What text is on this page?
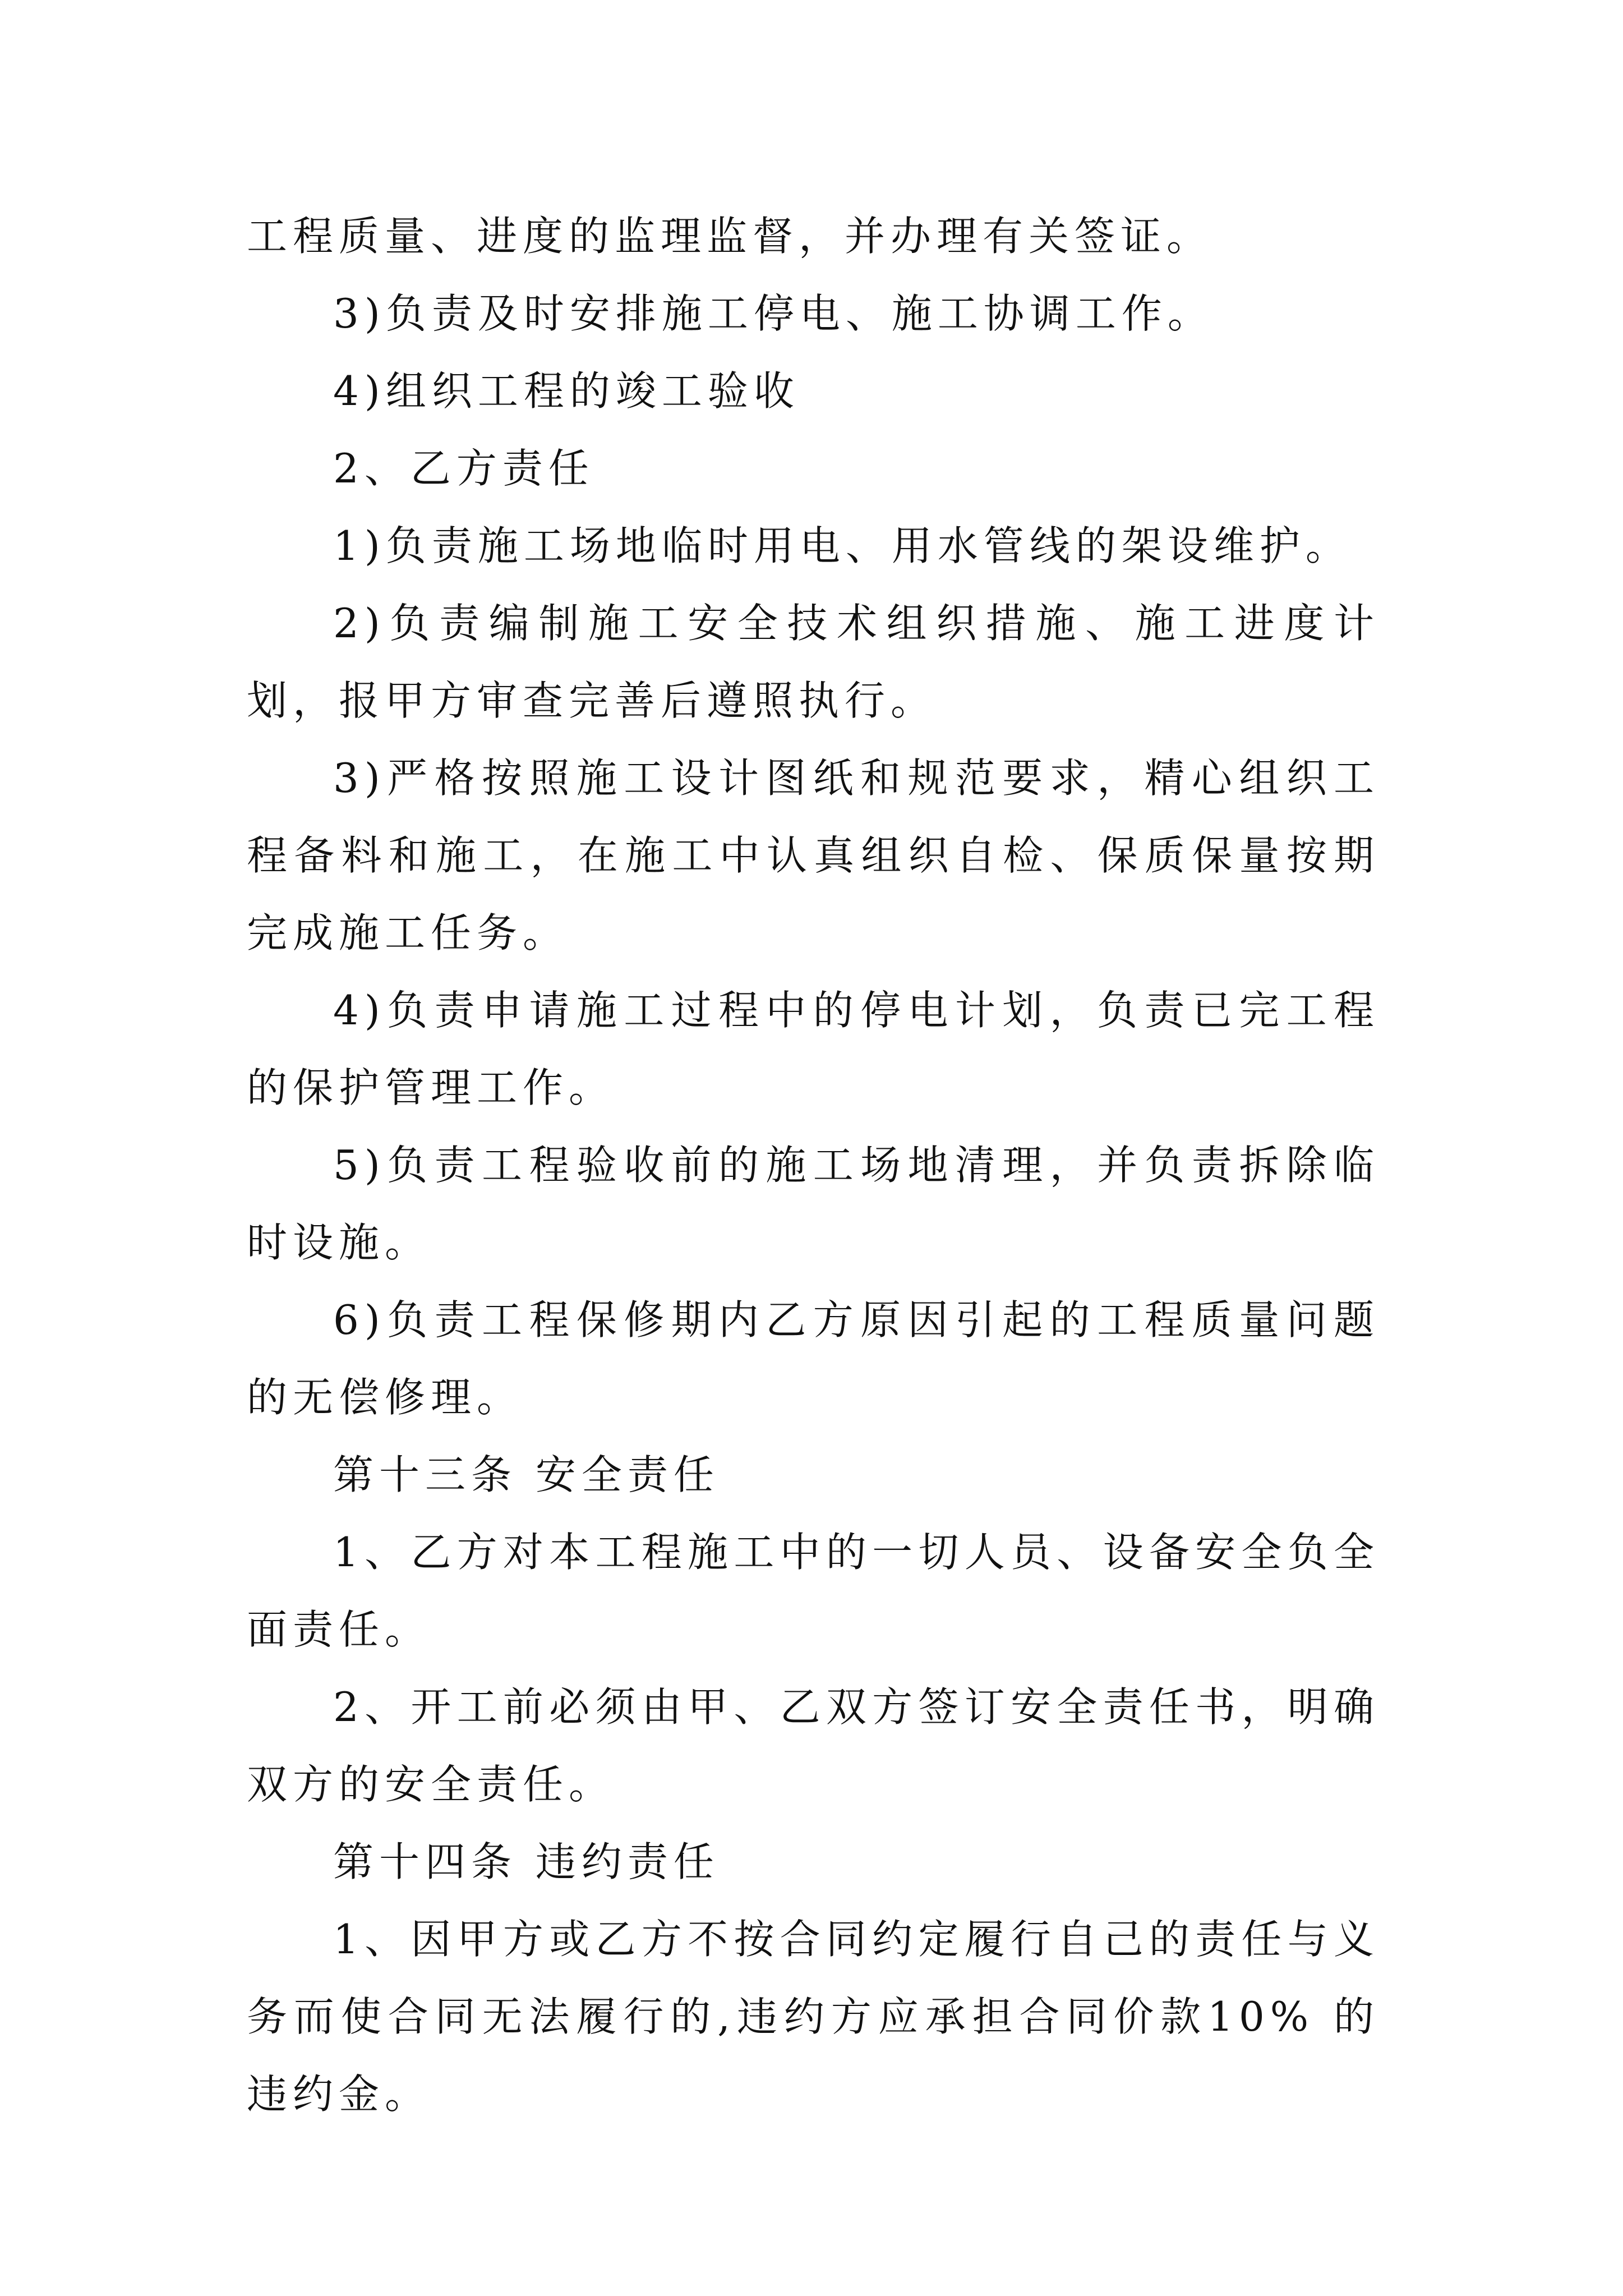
工程质量、进度的监理监督，并办理有关签证。

3)负责及时安排施工停电、施工协调工作。

4)组织工程的竣工验收

2、乙方责任

1)负责施工场地临时用电、用水管线的架设维护。

2)负责编制施工安全技术组织措施、施工进度计划，报甲方审查完善后遵照执行。

3)严格按照施工设计图纸和规范要求，精心组织工程备料和施工，在施工中认真组织自检、保质保量按期完成施工任务。

4)负责申请施工过程中的停电计划，负责已完工程的保护管理工作。

5)负责工程验收前的施工场地清理，并负责拆除临时设施。

6)负责工程保修期内乙方原因引起的工程质量问题的无偿修理。

第十三条 安全责任

1、乙方对本工程施工中的一切人员、设备安全负全面责任。

2、开工前必须由甲、乙双方签订安全责任书，明确双方的安全责任。

第十四条 违约责任

1、因甲方或乙方不按合同约定履行自己的责任与义务而使合同无法履行的,违约方应承担合同价款10% 的违约金。
